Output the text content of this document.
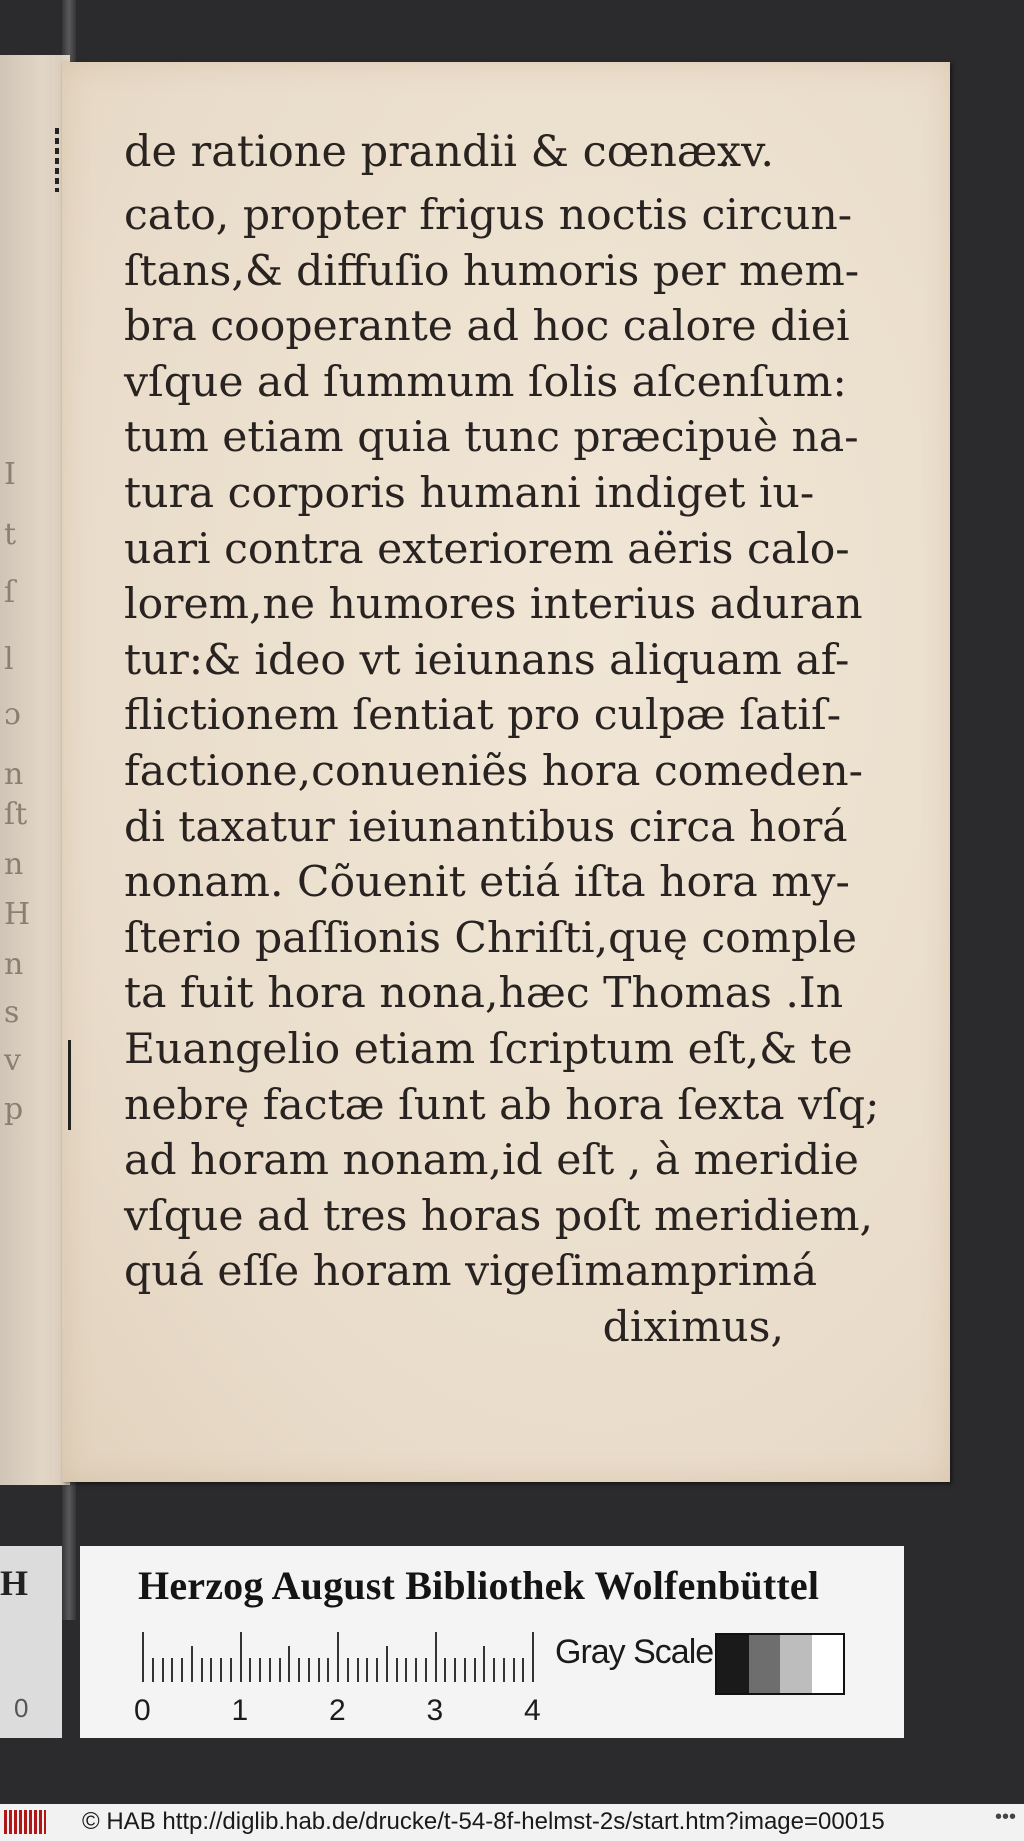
I
t
ſ
l
ɔ
n
ſt
n
H
n
s
v
p
de ratione prandii & cœnæ.
xv.
cato, propter frigus noctis circun-
ſtans,& diffuſio humoris per mem-
bra cooperante ad hoc calore diei
vſque ad ſummum ſolis aſcenſum:
tum etiam quia tunc præcipuè na-
tura corporis humani indiget iu-
uari contra exteriorem aëris calo-
lorem,ne humores interius aduran
tur:& ideo vt ieiunans aliquam af-
flictionem ſentiat pro culpæ ſatiſ-
factione,conueniẽs hora comeden-
di taxatur ieiunantibus circa horá
nonam. Cõuenit etiá iſta hora my-
ſterio paſſionis Chriſti,quę comple
ta fuit hora nona,hæc Thomas .In
Euangelio etiam ſcriptum eſt,& te
nebrę factæ ſunt ab hora ſexta vſq;
ad horam nonam,id eſt , à meridie
vſque ad tres horas poſt meridiem,
quá eſſe horam vigeſimamprimá
diximus,
H
0
Herzog August Bibliothek Wolfenbüttel
Gray Scale
0	1	2	3	4
© HAB http://diglib.hab.de/drucke/t-54-8f-helmst-2s/start.htm?image=00015	•••
